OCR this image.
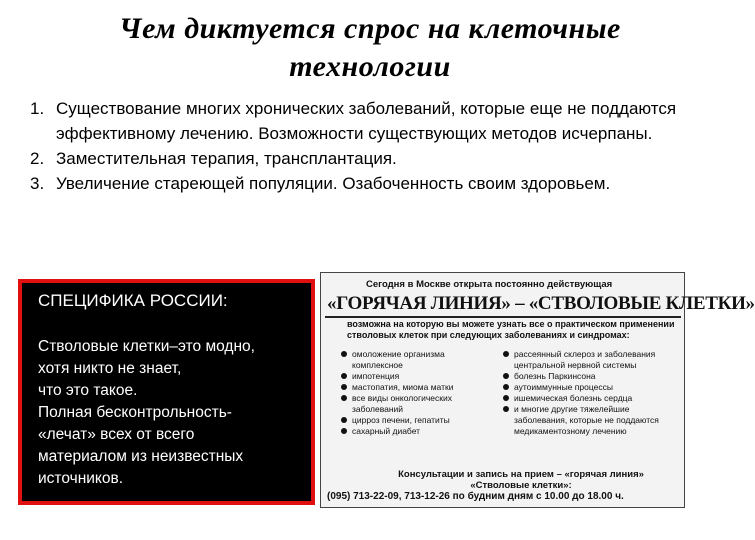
Чем диктуется спрос на клеточные
технологии
1. Существование многих хронических заболеваний, которые еще не поддаются эффективному лечению. Возможности существующих методов исчерпаны.
2. Заместительная терапия, трансплантация.
3. Увеличение стареющей популяции. Озабоченность своим здоровьем.
СПЕЦИФИКА РОССИИ:
Стволовые клетки–это модно,
хотя никто не знает,
что это такое.
Полная бесконтрольность-
«лечат» всех от всего
материалом из неизвестных
источников.
Сегодня в Москве открыта постоянно действующая
«ГОРЯЧАЯ ЛИНИЯ» – «СТВОЛОВЫЕ КЛЕТКИ»
возможна на которую вы можете узнать все о практическом применении стволовых клеток при следующих заболеваниях и синдромах:
омоложение организма комплексное
импотенция
мастопатия, миома матки
все виды онкологических заболеваний
цирроз печени, гепатиты
сахарный диабет
рассеянный склероз и заболевания центральной нервной системы
болезнь Паркинсона
аутоиммунные процессы
ишемическая болезнь сердца
и многие другие тяжелейшие заболевания, которые не поддаются медикаментозному лечению
Консультации и запись на прием – «горячая линия» «Стволовые клетки»:
(095) 713-22-09, 713-12-26 по будним дням с 10.00 до 18.00 ч.
